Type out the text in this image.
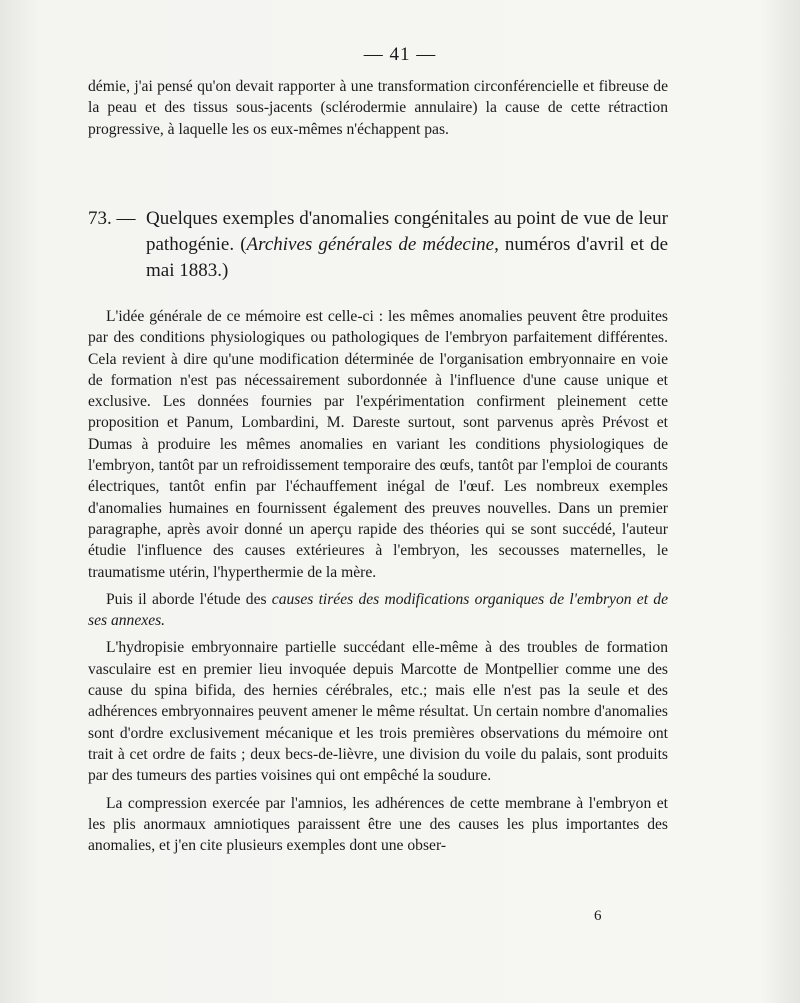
— 41 —

démie, j'ai pensé qu'on devait rapporter à une transformation circonférencielle et fibreuse de la peau et des tissus sous-jacents (sclérodermie annulaire) la cause de cette rétraction progressive, à laquelle les os eux-mêmes n'échappent pas.

73. — Quelques exemples d'anomalies congénitales au point de vue de leur pathogénie. (Archives générales de médecine, numéros d'avril et de mai 1883.)

L'idée générale de ce mémoire est celle-ci : les mêmes anomalies peuvent être produites par des conditions physiologiques ou pathologiques de l'embryon parfaitement différentes. Cela revient à dire qu'une modification déterminée de l'organisation embryonnaire en voie de formation n'est pas nécessairement subordonnée à l'influence d'une cause unique et exclusive. Les données fournies par l'expérimentation confirment pleinement cette proposition et Panum, Lombardini, M. Dareste surtout, sont parvenus après Prévost et Dumas à produire les mêmes anomalies en variant les conditions physiologiques de l'embryon, tantôt par un refroidissement temporaire des œufs, tantôt par l'emploi de courants électriques, tantôt enfin par l'échauffement inégal de l'œuf. Les nombreux exemples d'anomalies humaines en fournissent également des preuves nouvelles. Dans un premier paragraphe, après avoir donné un aperçu rapide des théories qui se sont succédé, l'auteur étudie l'influence des causes extérieures à l'embryon, les secousses maternelles, le traumatisme utérin, l'hyperthermie de la mère.

Puis il aborde l'étude des causes tirées des modifications organiques de l'embryon et de ses annexes.

L'hydropisie embryonnaire partielle succédant elle-même à des troubles de formation vasculaire est en premier lieu invoquée depuis Marcotte de Montpellier comme une des cause du spina bifida, des hernies cérébrales, etc.; mais elle n'est pas la seule et des adhérences embryonnaires peuvent amener le même résultat. Un certain nombre d'anomalies sont d'ordre exclusivement mécanique et les trois premières observations du mémoire ont trait à cet ordre de faits ; deux becs-de-lièvre, une division du voile du palais, sont produits par des tumeurs des parties voisines qui ont empêché la soudure.

La compression exercée par l'amnios, les adhérences de cette membrane à l'embryon et les plis anormaux amniotiques paraissent être une des causes les plus importantes des anomalies, et j'en cite plusieurs exemples dont une obser-

6
